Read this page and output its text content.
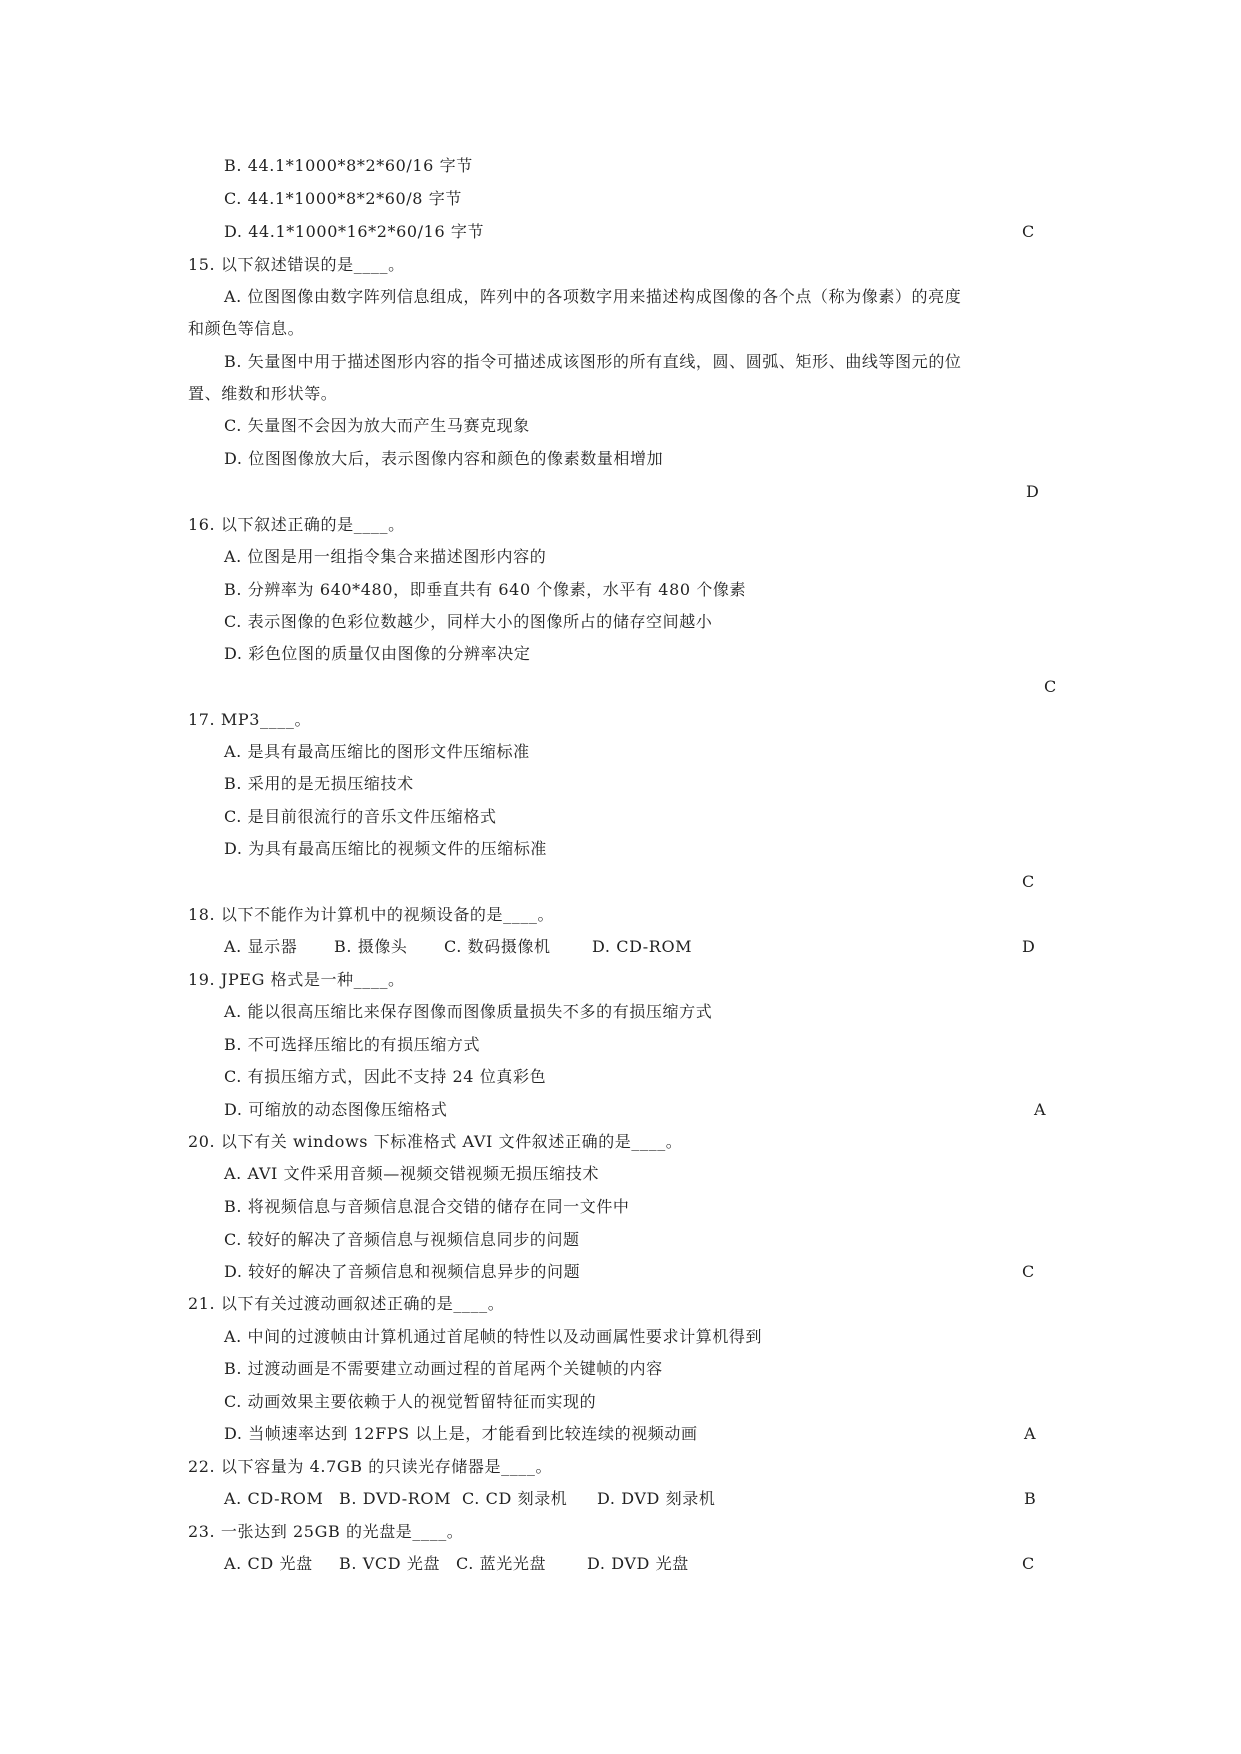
B. 44.1*1000*8*2*60/16 字节
C. 44.1*1000*8*2*60/8 字节
D. 44.1*1000*16*2*60/16 字节	C
15. 以下叙述错误的是____。
A. 位图图像由数字阵列信息组成，阵列中的各项数字用来描述构成图像的各个点（称为像素）的亮度
和颜色等信息。
B. 矢量图中用于描述图形内容的指令可描述成该图形的所有直线，圆、圆弧、矩形、曲线等图元的位
置、维数和形状等。
C. 矢量图不会因为放大而产生马赛克现象
D. 位图图像放大后，表示图像内容和颜色的像素数量相增加
D
16. 以下叙述正确的是____。
A. 位图是用一组指令集合来描述图形内容的
B. 分辨率为 640*480，即垂直共有 640 个像素，水平有 480 个像素
C. 表示图像的色彩位数越少，同样大小的图像所占的储存空间越小
D. 彩色位图的质量仅由图像的分辨率决定
C
17. MP3____。
A. 是具有最高压缩比的图形文件压缩标准
B. 采用的是无损压缩技术
C. 是目前很流行的音乐文件压缩格式
D. 为具有最高压缩比的视频文件的压缩标准
C
18. 以下不能作为计算机中的视频设备的是____。
A. 显示器 B. 摄像头 C. 数码摄像机	D. CD-ROM	D
19. JPEG 格式是一种____。
A. 能以很高压缩比来保存图像而图像质量损失不多的有损压缩方式
B. 不可选择压缩比的有损压缩方式
C. 有损压缩方式，因此不支持 24 位真彩色
D. 可缩放的动态图像压缩格式	A
20. 以下有关 windows 下标准格式 AVI 文件叙述正确的是____。
A. AVI 文件采用音频—视频交错视频无损压缩技术
B. 将视频信息与音频信息混合交错的储存在同一文件中
C. 较好的解决了音频信息与视频信息同步的问题
D. 较好的解决了音频信息和视频信息异步的问题	C
21. 以下有关过渡动画叙述正确的是____。
A. 中间的过渡帧由计算机通过首尾帧的特性以及动画属性要求计算机得到
B. 过渡动画是不需要建立动画过程的首尾两个关键帧的内容
C. 动画效果主要依赖于人的视觉暂留特征而实现的
D. 当帧速率达到 12FPS 以上是，才能看到比较连续的视频动画	A
22. 以下容量为 4.7GB 的只读光存储器是____。
A. CD-ROM B. DVD-ROM C. CD 刻录机 D. DVD 刻录机	B
23. 一张达到 25GB 的光盘是____。
A. CD 光盘 B. VCD 光盘 C. 蓝光光盘	D. DVD 光盘	C
